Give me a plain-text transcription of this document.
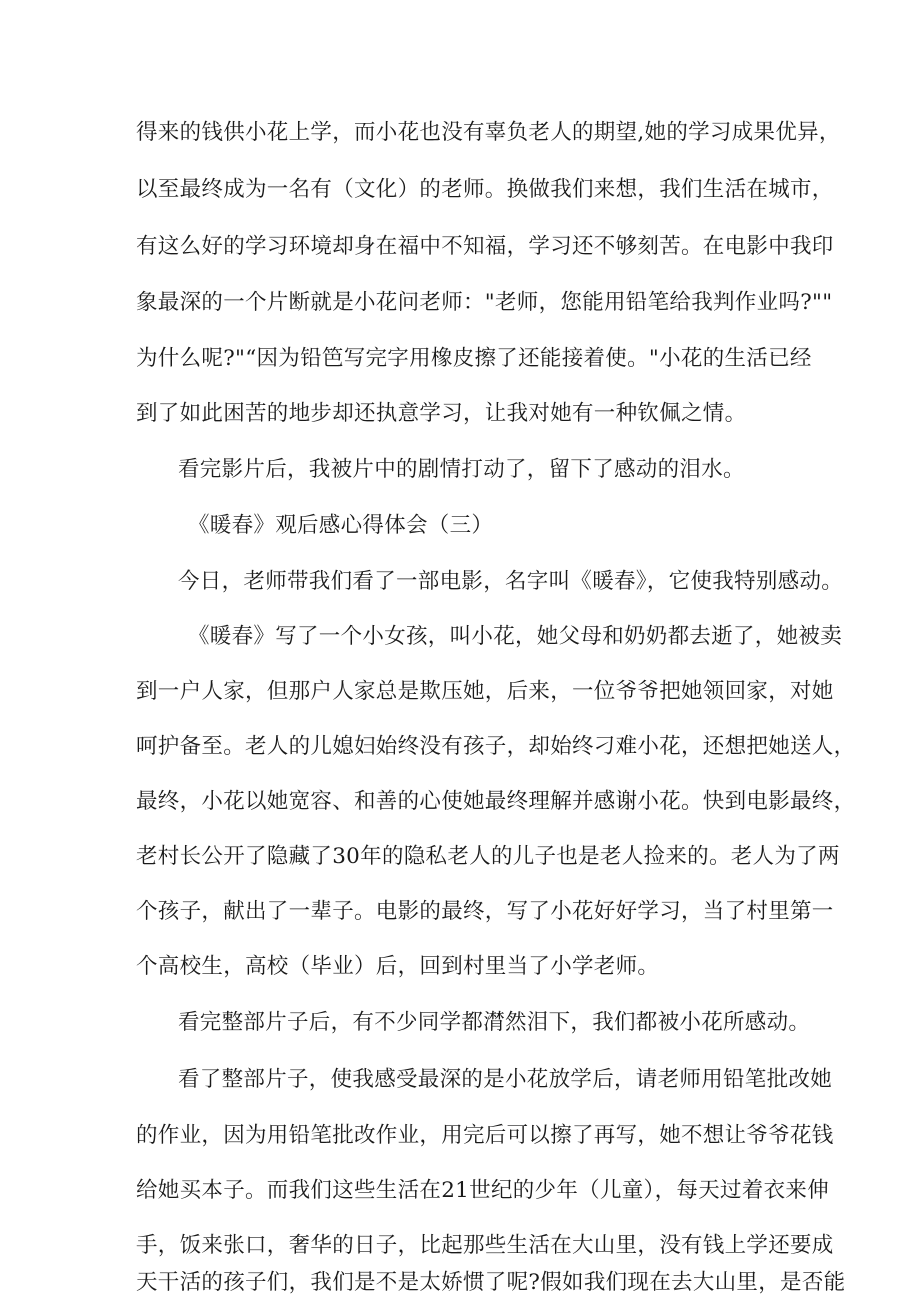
得来的钱供小花上学，而小花也没有辜负老人的期望,她的学习成果优异，
以至最终成为一名有（文化）的老师。换做我们来想，我们生活在城市，
有这么好的学习环境却身在福中不知福，学习还不够刻苦。在电影中我印
象最深的一个片断就是小花问老师："老师，您能用铅笔给我判作业吗?""
为什么呢?"“因为铅笆写完字用橡皮擦了还能接着使。"小花的生活已经
到了如此困苦的地步却还执意学习，让我对她有一种钦佩之情。
看完影片后，我被片中的剧情打动了，留下了感动的泪水。
《暖春》观后感心得体会（三）
今日，老师带我们看了一部电影，名字叫《暖春》，它使我特别感动。
《暖春》写了一个小女孩，叫小花，她父母和奶奶都去逝了，她被卖
到一户人家，但那户人家总是欺压她，后来，一位爷爷把她领回家，对她
呵护备至。老人的儿媳妇始终没有孩子，却始终刁难小花，还想把她送人，
最终，小花以她宽容、和善的心使她最终理解并感谢小花。快到电影最终，
老村长公开了隐藏了30年的隐私老人的儿子也是老人捡来的。老人为了两
个孩子，献出了一辈子。电影的最终，写了小花好好学习，当了村里第一
个高校生，高校（毕业）后，回到村里当了小学老师。
看完整部片子后，有不少同学都潸然泪下，我们都被小花所感动。
看了整部片子，使我感受最深的是小花放学后，请老师用铅笔批改她
的作业，因为用铅笔批改作业，用完后可以擦了再写，她不想让爷爷花钱
给她买本子。而我们这些生活在21世纪的少年（儿童），每天过着衣来伸
手，饭来张口，奢华的日子，比起那些生活在大山里，没有钱上学还要成
天干活的孩子们，我们是不是太娇惯了呢?假如我们现在去大山里，是否能
